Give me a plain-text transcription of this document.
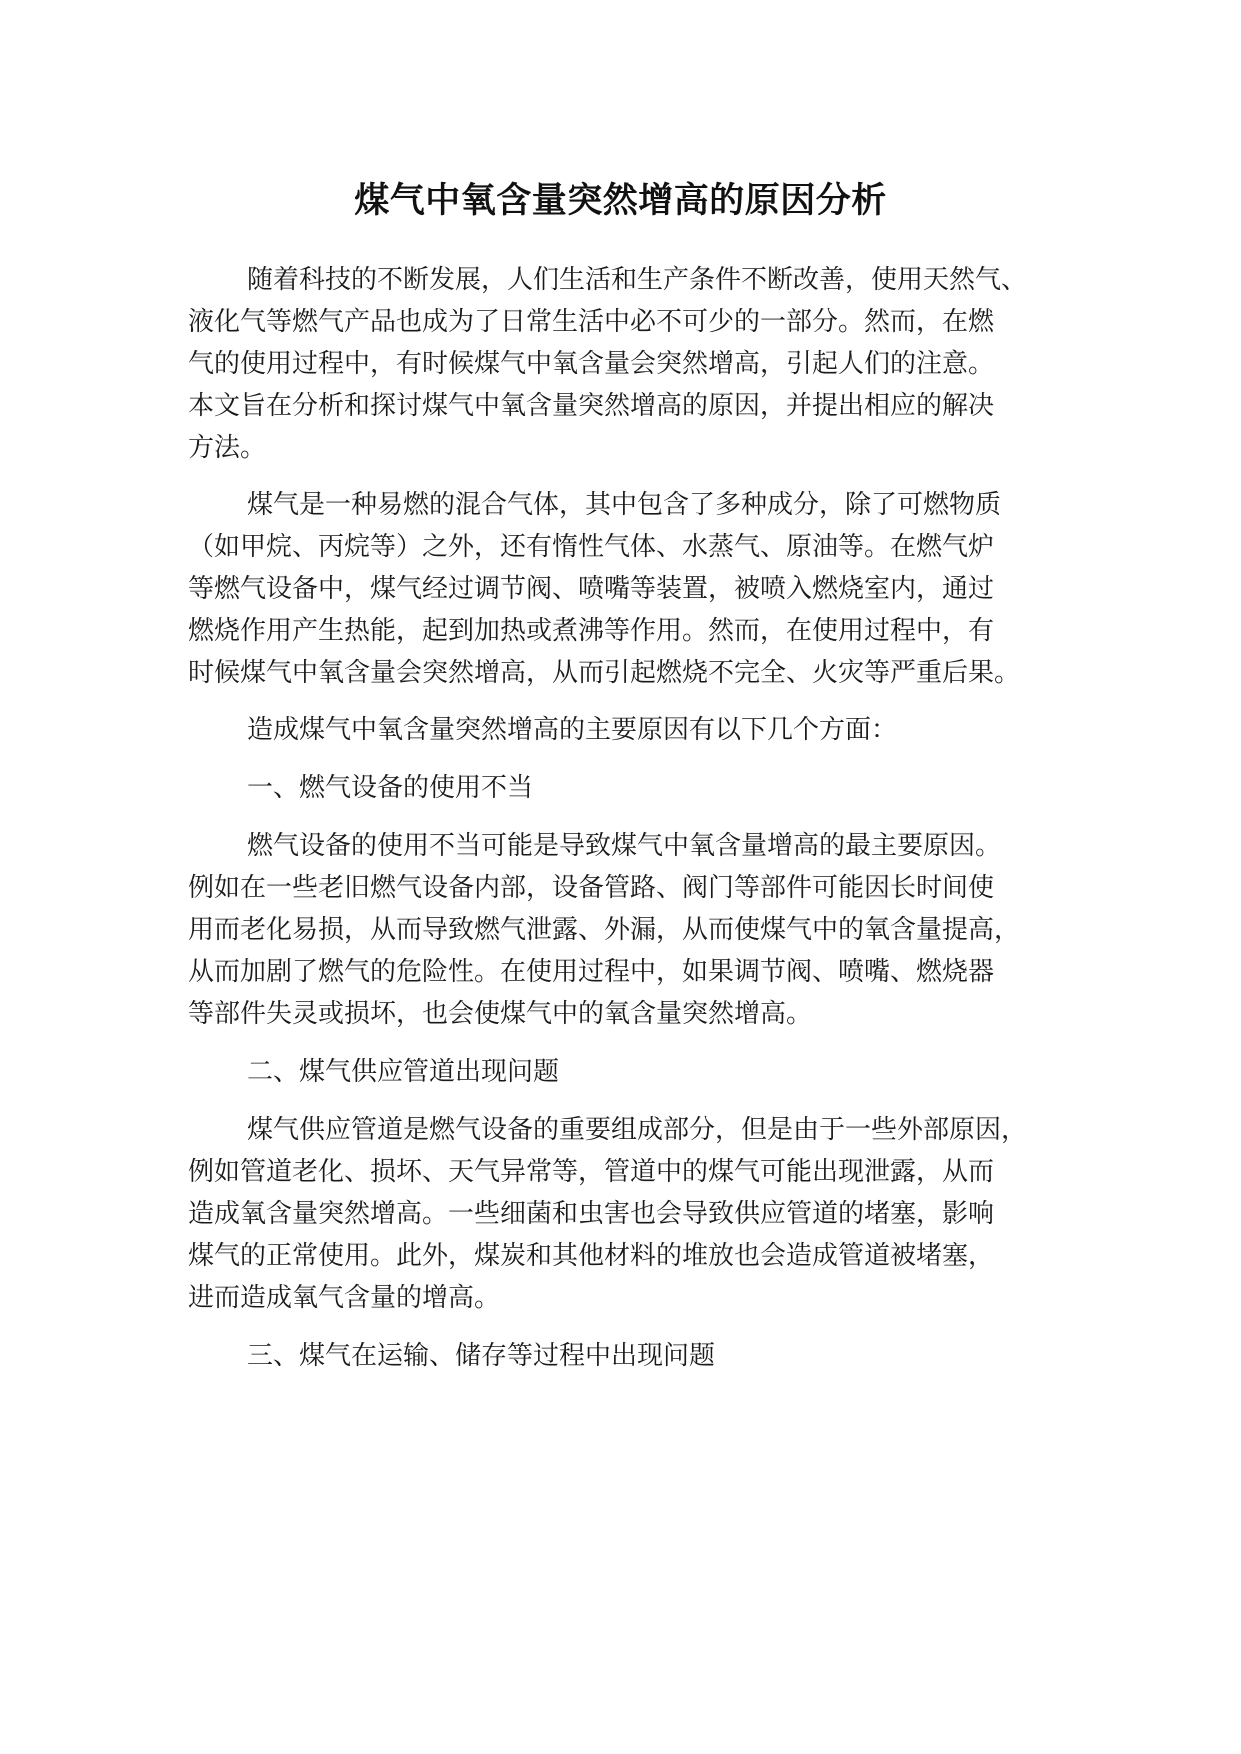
煤气中氧含量突然增高的原因分析

随着科技的不断发展，人们生活和生产条件不断改善，使用天然气、

液化气等燃气产品也成为了日常生活中必不可少的一部分。然而，在燃

气的使用过程中，有时候煤气中氧含量会突然增高，引起人们的注意。

本文旨在分析和探讨煤气中氧含量突然增高的原因，并提出相应的解决

方法。

煤气是一种易燃的混合气体，其中包含了多种成分，除了可燃物质

（如甲烷、丙烷等）之外，还有惰性气体、水蒸气、原油等。在燃气炉

等燃气设备中，煤气经过调节阀、喷嘴等装置，被喷入燃烧室内，通过

燃烧作用产生热能，起到加热或煮沸等作用。然而，在使用过程中，有

时候煤气中氧含量会突然增高，从而引起燃烧不完全、火灾等严重后果。

造成煤气中氧含量突然增高的主要原因有以下几个方面：

一、燃气设备的使用不当

燃气设备的使用不当可能是导致煤气中氧含量增高的最主要原因。

例如在一些老旧燃气设备内部，设备管路、阀门等部件可能因长时间使

用而老化易损，从而导致燃气泄露、外漏，从而使煤气中的氧含量提高，

从而加剧了燃气的危险性。在使用过程中，如果调节阀、喷嘴、燃烧器

等部件失灵或损坏，也会使煤气中的氧含量突然增高。

二、煤气供应管道出现问题

煤气供应管道是燃气设备的重要组成部分，但是由于一些外部原因，

例如管道老化、损坏、天气异常等，管道中的煤气可能出现泄露，从而

造成氧含量突然增高。一些细菌和虫害也会导致供应管道的堵塞，影响

煤气的正常使用。此外，煤炭和其他材料的堆放也会造成管道被堵塞，

进而造成氧气含量的增高。

三、煤气在运输、储存等过程中出现问题
